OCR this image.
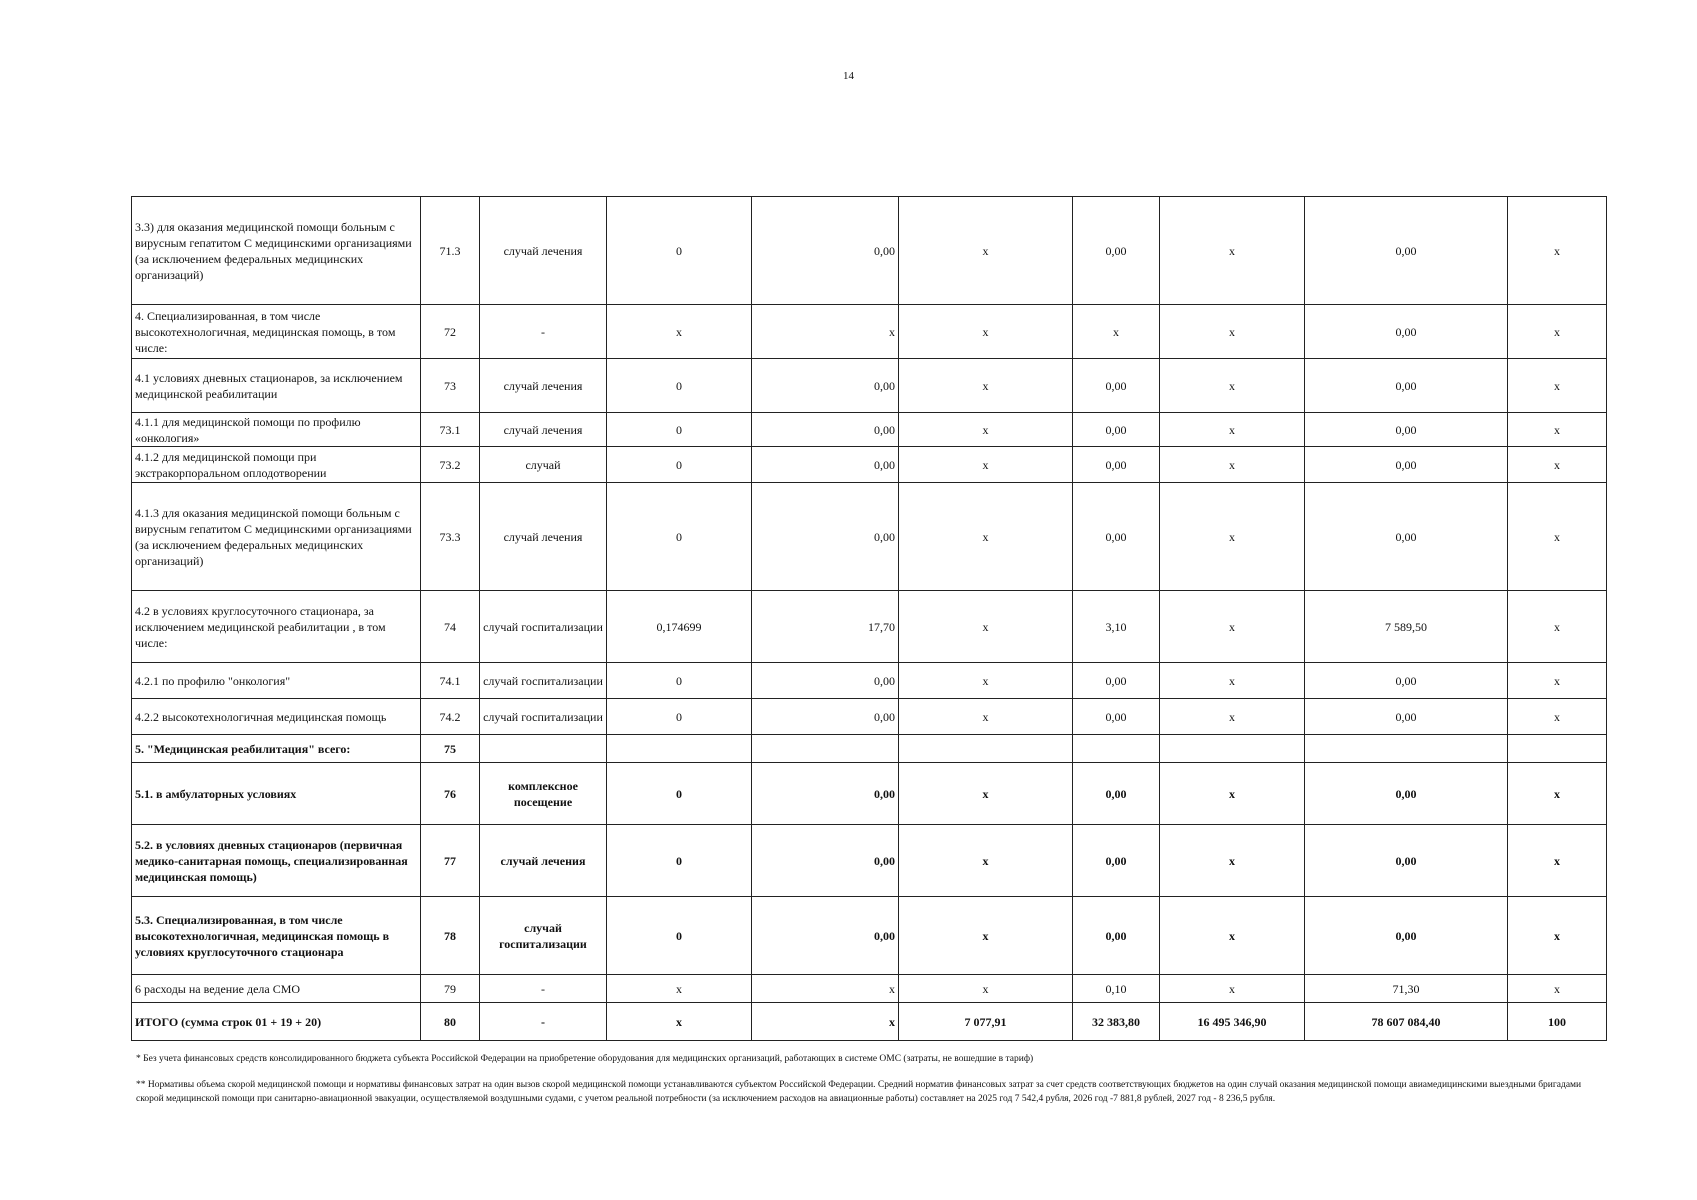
14
3.3) для оказания медицинской помощи больным с вирусным гепатитом С медицинскими организациями (за исключением федеральных медицинских организаций)	71.3	случай лечения	0	0,00	x	0,00	x	0,00	x
4. Специализированная, в том числе высокотехнологичная, медицинская помощь, в том числе:	72	-	x	x	x	x	x	0,00	x
4.1 условиях дневных стационаров, за исключением медицинской реабилитации	73	случай лечения	0	0,00	x	0,00	x	0,00	x
4.1.1 для медицинской помощи по профилю «онкология»	73.1	случай лечения	0	0,00	x	0,00	x	0,00	x
4.1.2 для медицинской помощи при экстракорпоральном оплодотворении	73.2	случай	0	0,00	x	0,00	x	0,00	x
4.1.3 для оказания медицинской помощи больным с вирусным гепатитом С медицинскими организациями (за исключением федеральных медицинских организаций)	73.3	случай лечения	0	0,00	x	0,00	x	0,00	x
4.2 в условиях круглосуточного стационара, за исключением медицинской реабилитации , в том числе:	74	случай госпитализации	0,174699	17,70	x	3,10	x	7 589,50	x
4.2.1 по профилю "онкология"	74.1	случай госпитализации	0	0,00	x	0,00	x	0,00	x
4.2.2 высокотехнологичная медицинская помощь	74.2	случай госпитализации	0	0,00	x	0,00	x	0,00	x
5. "Медицинская реабилитация" всего:	75								
5.1. в амбулаторных условиях	76	комплексное посещение	0	0,00	x	0,00	x	0,00	x
5.2. в условиях дневных стационаров (первичная медико-санитарная помощь, специализированная медицинская помощь)	77	случай лечения	0	0,00	x	0,00	x	0,00	x
5.3. Специализированная, в том числе высокотехнологичная, медицинская помощь в условиях круглосуточного стационара	78	случай госпитализации	0	0,00	x	0,00	x	0,00	x
6 расходы на ведение дела СМО	79	-	x	x	x	0,10	x	71,30	x
ИТОГО (сумма строк 01 + 19 + 20)	80	-	x	x	7 077,91	32 383,80	16 495 346,90	78 607 084,40	100
* Без учета финансовых средств консолидированного бюджета субъекта Российской Федерации на приобретение оборудования для медицинских организаций, работающих в системе ОМС (затраты, не вошедшие в тариф)
** Нормативы объема скорой медицинской помощи и нормативы финансовых затрат на один вызов скорой медицинской помощи устанавливаются субъектом Российской Федерации. Средний норматив финансовых затрат за счет средств соответствующих бюджетов на один случай оказания медицинской помощи авиамедицинскими выездными бригадами скорой медицинской помощи при санитарно-авиационной эвакуации, осуществляемой воздушными судами, с учетом реальной потребности (за исключением расходов на авиационные работы) составляет на 2025 год 7 542,4 рубля, 2026 год -7 881,8 рублей, 2027 год - 8 236,5 рубля.
